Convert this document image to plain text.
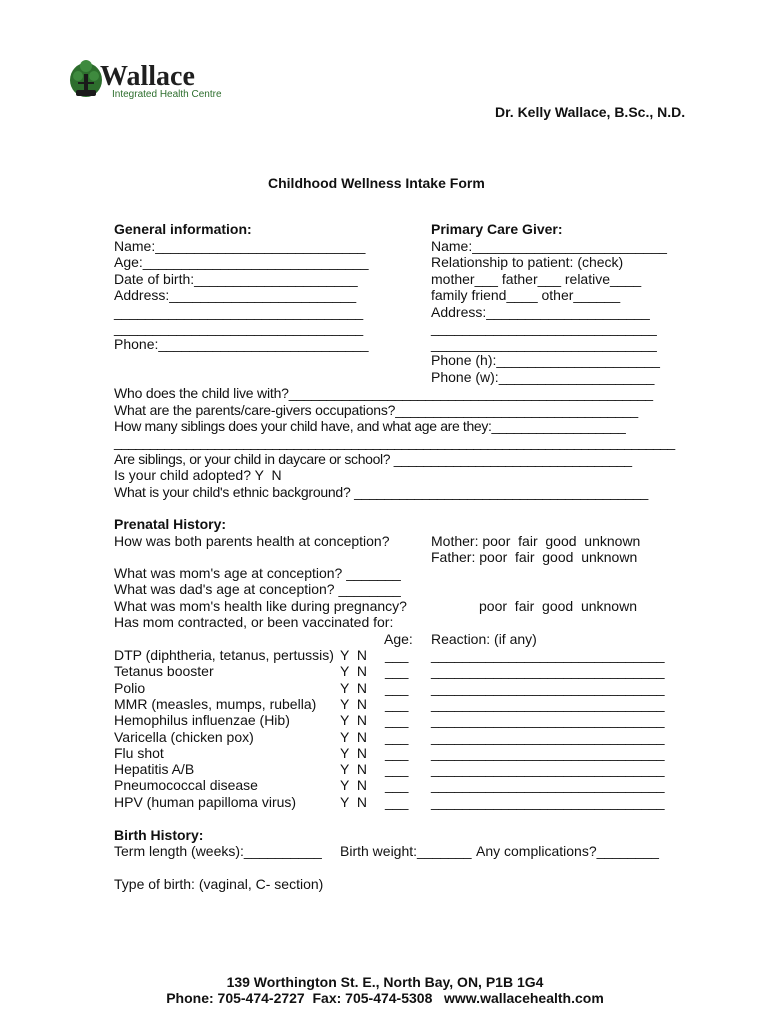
Wallace
Integrated Health Centre
Dr. Kelly Wallace, B.Sc., N.D.
Childhood Wellness Intake Form
General information:
Name:___________________________
Age:_____________________________
Date of birth:_____________________
Address:________________________
________________________________
________________________________
Phone:___________________________
Primary Care Giver:
Name:_________________________
Relationship to patient: (check)
mother___ father___ relative____
family friend____ other______
Address:_____________________
_____________________________
_____________________________
Phone (h):_____________________
Phone (w):____________________
Who does the child live with?________________________________________________
What are the parents/care-givers occupations?________________________________
How many siblings does your child have, and what age are they:__________________
______________________________________________________________________________
Are siblings, or your child in daycare or school? ________________________________
Is your child adopted? Y  N
What is your child's ethnic background? _______________________________________
Prenatal History:
How was both parents health at conception?	Mother: poor  fair  good  unknown
Father: poor  fair  good  unknown
What was mom's age at conception? _______
What was dad's age at conception? ________
What was mom's health like during pregnancy?	poor  fair  good  unknown
Has mom contracted, or been vaccinated for:
Age: Reaction: (if any)
DTP (diphtheria, tetanus, pertussis) Y  N ___ ______________________________
Tetanus booster	Y  N ___ ______________________________
Polio	Y  N ___ ______________________________
MMR (measles, mumps, rubella) Y  N ___ ______________________________
Hemophilus influenzae (Hib)	Y  N ___ ______________________________
Varicella (chicken pox)	Y  N ___ ______________________________
Flu shot	Y  N ___ ______________________________
Hepatitis A/B	Y  N ___ ______________________________
Pneumococcal disease	Y  N ___ ______________________________
HPV (human papilloma virus)	Y  N ___ ______________________________
Birth History:
Term length (weeks):__________ Birth weight:_______ Any complications?________
Type of birth: (vaginal, C- section)
139 Worthington St. E., North Bay, ON, P1B 1G4
Phone: 705-474-2727  Fax: 705-474-5308   www.wallacehealth.com
